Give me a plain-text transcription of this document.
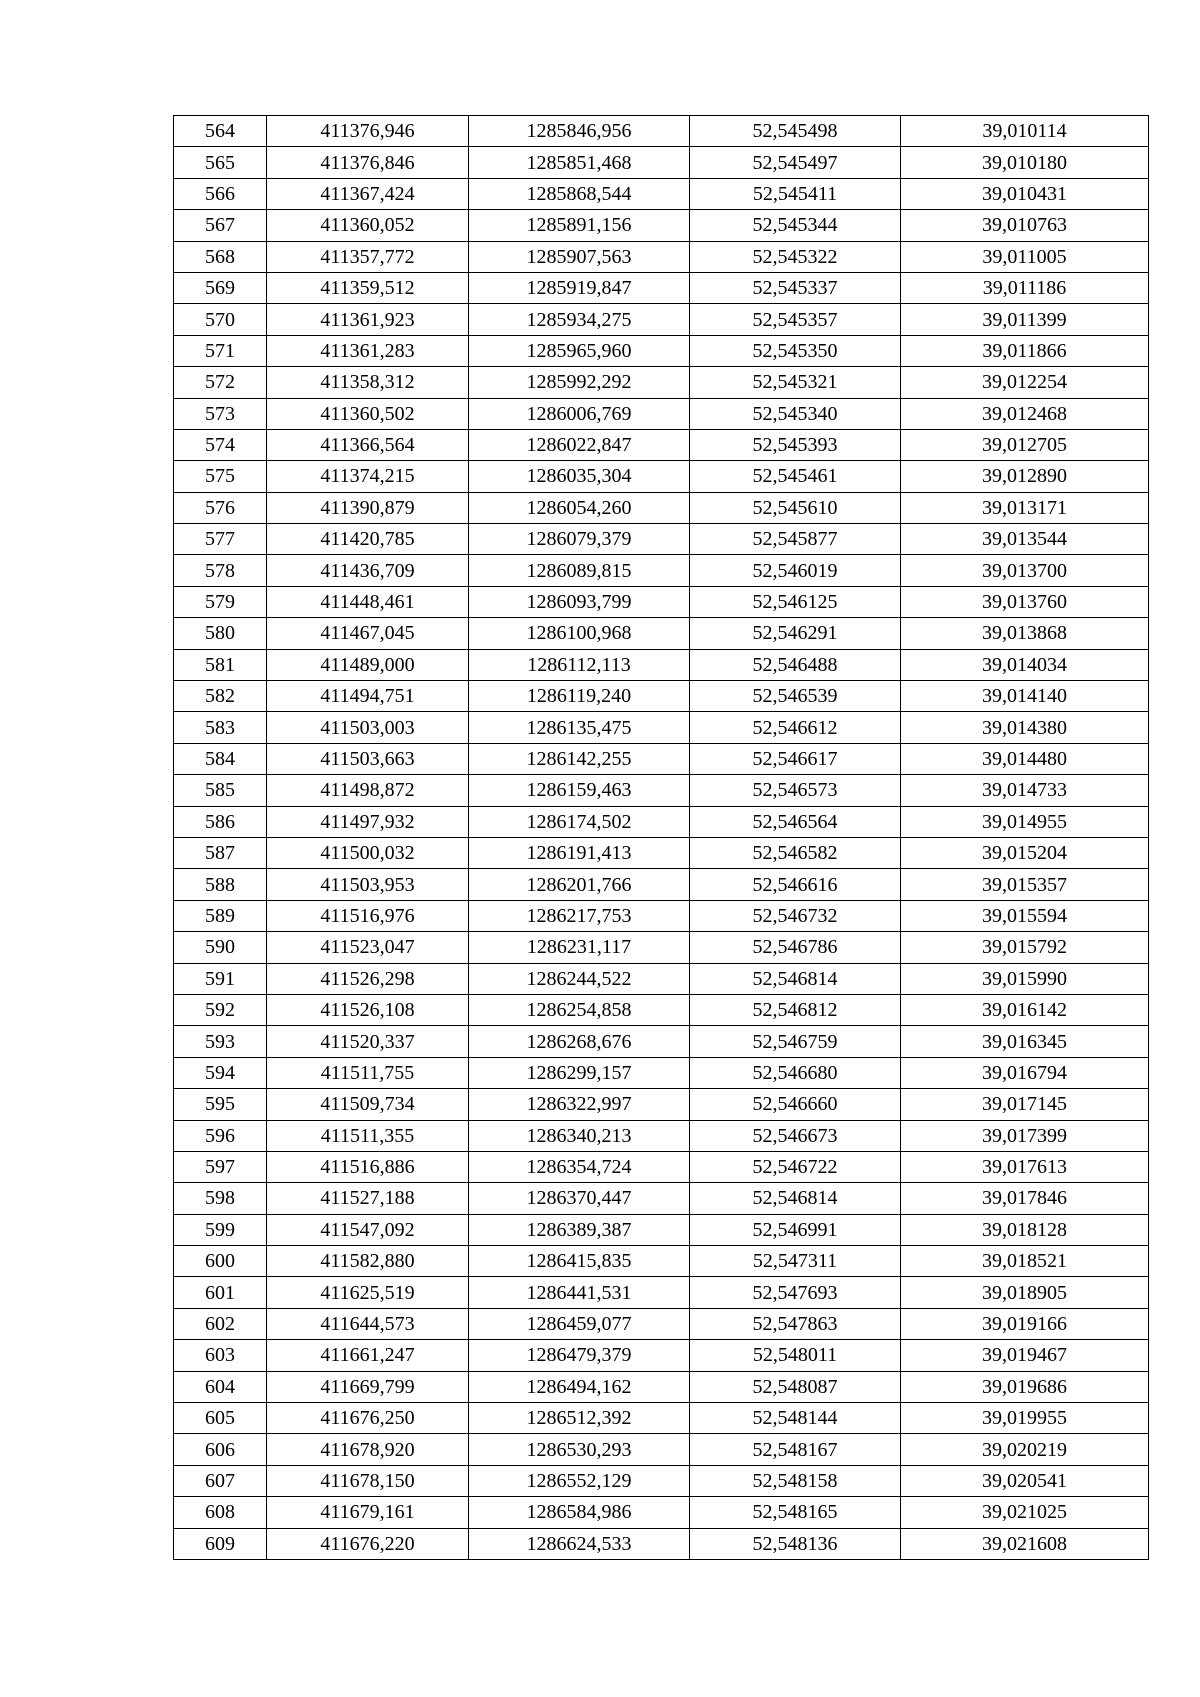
564	411376,946	1285846,956	52,545498	39,010114
565	411376,846	1285851,468	52,545497	39,010180
566	411367,424	1285868,544	52,545411	39,010431
567	411360,052	1285891,156	52,545344	39,010763
568	411357,772	1285907,563	52,545322	39,011005
569	411359,512	1285919,847	52,545337	39,011186
570	411361,923	1285934,275	52,545357	39,011399
571	411361,283	1285965,960	52,545350	39,011866
572	411358,312	1285992,292	52,545321	39,012254
573	411360,502	1286006,769	52,545340	39,012468
574	411366,564	1286022,847	52,545393	39,012705
575	411374,215	1286035,304	52,545461	39,012890
576	411390,879	1286054,260	52,545610	39,013171
577	411420,785	1286079,379	52,545877	39,013544
578	411436,709	1286089,815	52,546019	39,013700
579	411448,461	1286093,799	52,546125	39,013760
580	411467,045	1286100,968	52,546291	39,013868
581	411489,000	1286112,113	52,546488	39,014034
582	411494,751	1286119,240	52,546539	39,014140
583	411503,003	1286135,475	52,546612	39,014380
584	411503,663	1286142,255	52,546617	39,014480
585	411498,872	1286159,463	52,546573	39,014733
586	411497,932	1286174,502	52,546564	39,014955
587	411500,032	1286191,413	52,546582	39,015204
588	411503,953	1286201,766	52,546616	39,015357
589	411516,976	1286217,753	52,546732	39,015594
590	411523,047	1286231,117	52,546786	39,015792
591	411526,298	1286244,522	52,546814	39,015990
592	411526,108	1286254,858	52,546812	39,016142
593	411520,337	1286268,676	52,546759	39,016345
594	411511,755	1286299,157	52,546680	39,016794
595	411509,734	1286322,997	52,546660	39,017145
596	411511,355	1286340,213	52,546673	39,017399
597	411516,886	1286354,724	52,546722	39,017613
598	411527,188	1286370,447	52,546814	39,017846
599	411547,092	1286389,387	52,546991	39,018128
600	411582,880	1286415,835	52,547311	39,018521
601	411625,519	1286441,531	52,547693	39,018905
602	411644,573	1286459,077	52,547863	39,019166
603	411661,247	1286479,379	52,548011	39,019467
604	411669,799	1286494,162	52,548087	39,019686
605	411676,250	1286512,392	52,548144	39,019955
606	411678,920	1286530,293	52,548167	39,020219
607	411678,150	1286552,129	52,548158	39,020541
608	411679,161	1286584,986	52,548165	39,021025
609	411676,220	1286624,533	52,548136	39,021608
